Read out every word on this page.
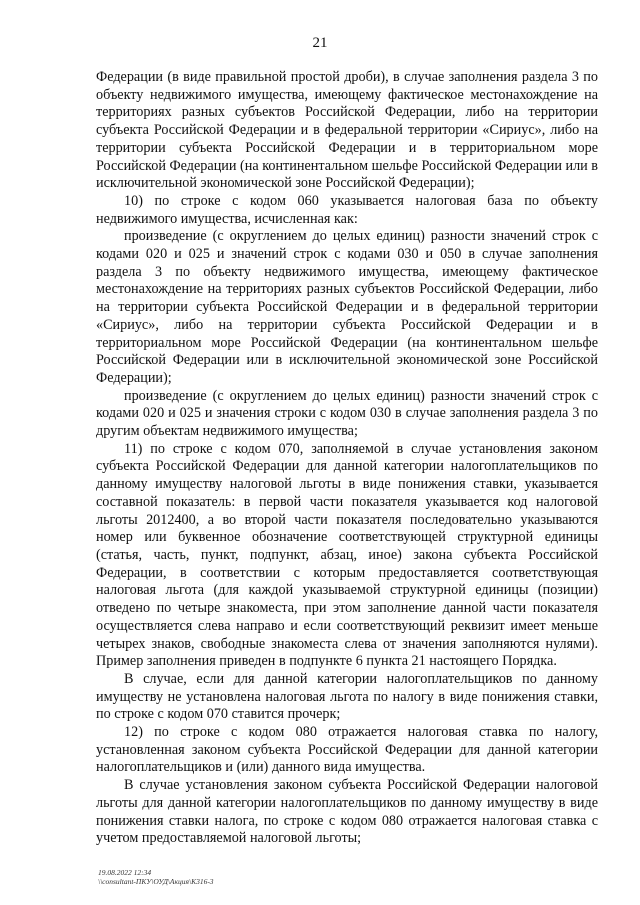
21

Федерации (в виде правильной простой дроби), в случае заполнения раздела 3 по объекту недвижимого имущества, имеющему фактическое местонахождение на территориях разных субъектов Российской Федерации, либо на территории субъекта Российской Федерации и в федеральной территории «Сириус», либо на территории субъекта Российской Федерации и в территориальном море Российской Федерации (на континентальном шельфе Российской Федерации или в исключительной экономической зоне Российской Федерации);

10) по строке с кодом 060 указывается налоговая база по объекту недвижимого имущества, исчисленная как:

произведение (с округлением до целых единиц) разности значений строк с кодами 020 и 025 и значений строк с кодами 030 и 050 в случае заполнения раздела 3 по объекту недвижимого имущества, имеющему фактическое местонахождение на территориях разных субъектов Российской Федерации, либо на территории субъекта Российской Федерации и в федеральной территории «Сириус», либо на территории субъекта Российской Федерации и в территориальном море Российской Федерации (на континентальном шельфе Российской Федерации или в исключительной экономической зоне Российской Федерации);

произведение (с округлением до целых единиц) разности значений строк с кодами 020 и 025 и значения строки с кодом 030 в случае заполнения раздела 3 по другим объектам недвижимого имущества;

11) по строке с кодом 070, заполняемой в случае установления законом субъекта Российской Федерации для данной категории налогоплательщиков по данному имуществу налоговой льготы в виде понижения ставки, указывается составной показатель: в первой части показателя указывается код налоговой льготы 2012400, а во второй части показателя последовательно указываются номер или буквенное обозначение соответствующей структурной единицы (статья, часть, пункт, подпункт, абзац, иное) закона субъекта Российской Федерации, в соответствии с которым предоставляется соответствующая налоговая льгота (для каждой указываемой структурной единицы (позиции) отведено по четыре знакоместа, при этом заполнение данной части показателя осуществляется слева направо и если соответствующий реквизит имеет меньше четырех знаков, свободные знакоместа слева от значения заполняются нулями). Пример заполнения приведен в подпункте 6 пункта 21 настоящего Порядка.

В случае, если для данной категории налогоплательщиков по данному имуществу не установлена налоговая льгота по налогу в виде понижения ставки, по строке с кодом 070 ставится прочерк;

12) по строке с кодом 080 отражается налоговая ставка по налогу, установленная законом субъекта Российской Федерации для данной категории налогоплательщиков и (или) данного вида имущества.

В случае установления законом субъекта Российской Федерации налоговой льготы для данной категории налогоплательщиков по данному имуществу в виде понижения ставки налога, по строке с кодом 080 отражается налоговая ставка с учетом предоставляемой налоговой льготы;

19.08.2022 12:34
\\consultant-ПКУ\ОУД\Акция\К316-3
